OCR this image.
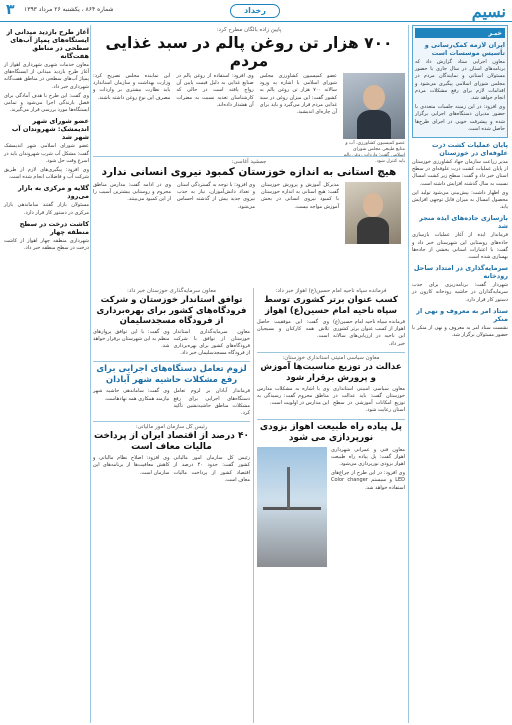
نسیم
رخداد
شماره ۸۶۴ ، یکشنبه ۲۶ مرداد ۱۳۹۳
۳
خبـر
ایران لازمه کمک‌رسانی و تأسیس موسسات است

معاون اجرایی ستاد گزارش داد که برنامه‌های استان در سال جاری با حضور مسئولان استانی و نمایندگان مردم در مجلس شورای اسلامی پیگیری می‌شود و اقدامات لازم برای رفع مشکلات مردم انجام خواهد شد.

وی افزود: در این زمینه جلسات متعددی با حضور مدیران دستگاه‌های اجرایی برگزار شده و پیشرفت خوبی در اجرای طرح‌ها حاصل شده است.

پایان عملیات کشت ذرت علوفه‌ای در خوزستان

مدیر زراعت سازمان جهاد کشاورزی خوزستان از پایان عملیات کشت ذرت علوفه‌ای در سطح استان خبر داد و گفت: سطح زیر کشت امسال نسبت به سال گذشته افزایش داشته است.

وی اظهار داشت: پیش‌بینی می‌شود تولید این محصول امسال به میزان قابل توجهی افزایش یابد.

بازسازی جاده‌های ایذه منجر شد

فرماندار ایذه از آغاز عملیات بازسازی جاده‌های روستایی این شهرستان خبر داد و گفت: با اعتبارات استانی بخشی از جاده‌ها بهسازی شده است.

سرمایه‌گذاری در امتداد ساحل رودخانه

شهردار گفت: برنامه‌ریزی برای جذب سرمایه‌گذاران در حاشیه رودخانه کارون در دستور کار قرار دارد.

ستاد امر به معروف و نهی از منکر

نشست ستاد امر به معروف و نهی از منکر با حضور مسئولان برگزار شد.

پایین زاده بالگان مطرح کرد:
۷۰۰ هزار تن روغن پالم در سبد غذایی مردم
عضو کمیسیون کشاورزی، آب و منابع طبیعی مجلس شورای اسلامی گفت: واردات روغن پالم باید کنترل شود.

عضو کمیسیون کشاورزی مجلس شورای اسلامی با اشاره به ورود سالانه ۷۰۰ هزار تن روغن پالم به کشور گفت: این میزان روغن در سبد غذایی مردم قرار می‌گیرد و باید برای آن چاره‌ای اندیشید.

وی افزود: استفاده از روغن پالم در صنایع غذایی به دلیل قیمت پایین آن رواج یافته است در حالی که کارشناسان تغذیه نسبت به مضرات آن هشدار داده‌اند.

این نماینده مجلس تصریح کرد: وزارت بهداشت و سازمان استاندارد باید نظارت بیشتری بر واردات و مصرف این نوع روغن داشته باشند.

جمشید آغاسی:
هیچ استانی به اندازه خوزستان کمبود نیروی انسانی ندارد

مدیرکل آموزش و پرورش خوزستان گفت: هیچ استانی به اندازه خوزستان با کمبود نیروی انسانی در بخش آموزش مواجه نیست.

وی افزود: با توجه به گستردگی استان و تعداد دانش‌آموزان، نیاز به جذب نیروی جدید بیش از گذشته احساس می‌شود.

وی در ادامه گفت: مدارس مناطق محروم و روستایی بیشترین آسیب را از این کمبود می‌بینند.

فرمانده سپاه ناحیه امام حسین(ع) اهواز خبر داد:
کسب عنوان برتر کشوری توسط سپاه ناحیه امام حسین(ع) اهواز

فرمانده سپاه ناحیه امام حسین(ع) اهواز از کسب عنوان برتر کشوری این ناحیه در ارزیابی‌های سالانه خبر داد.

وی گفت: این موفقیت حاصل تلاش همه کارکنان و بسیجیان است.

معاون سیاسی امنیتی استانداری خوزستان:
عدالت در توزیع مناسبت‌ها آموزش و پرورش برقرار شود

معاون سیاسی امنیتی استانداری خوزستان گفت: باید عدالت در توزیع امکانات آموزشی در سطح استان رعایت شود.

وی با اشاره به مشکلات مدارس مناطق محروم گفت: رسیدگی به این مدارس در اولویت است.

پل پیاده راه طبیعت اهواز بزودی نورپردازی می شود

معاون فنی و عمرانی شهرداری اهواز گفت: پل پیاده راه طبیعت اهواز بزودی نورپردازی می‌شود.

وی افزود: در این طرح از چراغ‌های LED و سیستم Color changer استفاده خواهد شد.

معاون سرمایه‌گذاری خوزستان خبر داد:
توافق استاندار خوزستان و شرکت فرودگاه‌های کشور برای بهره‌برداری از فرودگاه مسجدسلیمان

معاون سرمایه‌گذاری استاندار خوزستان از توافق با شرکت فرودگاه‌های کشور برای بهره‌برداری از فرودگاه مسجدسلیمان خبر داد.

وی گفت: با این توافق پروازهای منظم به این شهرستان برقرار خواهد شد.

لزوم تعامل دستگاه‌های اجرایی برای رفع مشکلات حاشیه شهر آبادان

فرماندار آبادان بر لزوم تعامل دستگاه‌های اجرایی برای رفع مشکلات مناطق حاشیه‌نشین تأکید کرد.

وی گفت: ساماندهی حاشیه شهر نیازمند همکاری همه نهادهاست.

رئیس کل سازمان امور مالیاتی:
۴۰ درصد از اقتصاد ایران از پرداخت مالیات معاف است

رئیس کل سازمان امور مالیاتی کشور گفت: حدود ۴۰ درصد از اقتصاد کشور از پرداخت مالیات معاف است.

وی افزود: اصلاح نظام مالیاتی و کاهش معافیت‌ها از برنامه‌های این سازمان است.

آغاز طرح بازدید میدانی از ایستگاه‌های پمپاژ آب‌های سطحی در مناطق هفت‌گانه

معاون خدمات شهری شهرداری اهواز از آغاز طرح بازدید میدانی از ایستگاه‌های پمپاژ آب‌های سطحی در مناطق هفت‌گانه شهرداری خبر داد.

وی گفت: این طرح با هدف آمادگی برای فصل بارندگی اجرا می‌شود و تمامی ایستگاه‌ها مورد بررسی قرار می‌گیرند.

عضو شورای شهر اندیمشک: شهروندان آب شهر شد

عضو شورای اسلامی شهر اندیمشک گفت: مشکل آب شرب شهروندان باید در اسرع وقت حل شود.

وی افزود: پیگیری‌های لازم از طریق شرکت آب و فاضلاب انجام شده است.

گلایه و مرکزی به بازار می‌رود

مسئولان بازار گفتند ساماندهی بازار مرکزی در دستور کار قرار دارد.

کاشت درخت در سطح منطقه چهار

شهرداری منطقه چهار اهواز از کاشت درخت در سطح منطقه خبر داد.
